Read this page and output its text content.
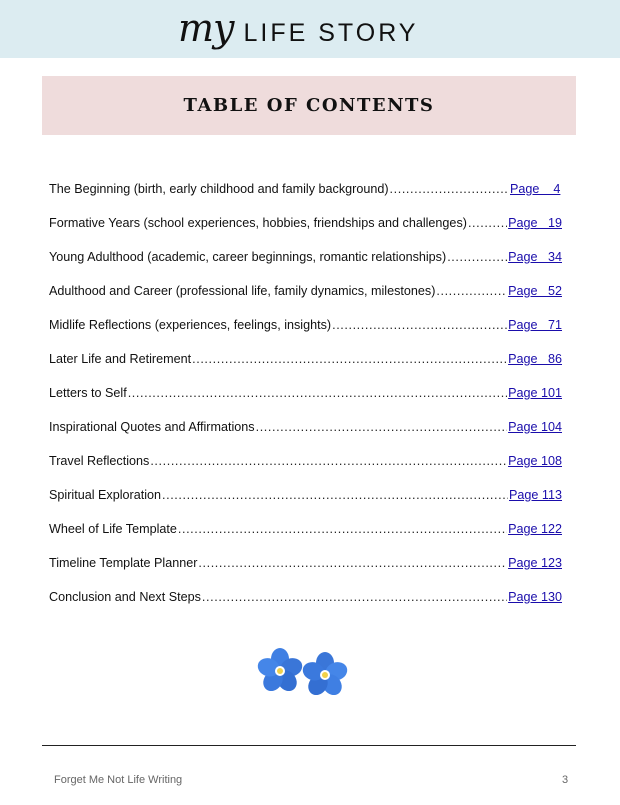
my LIFE STORY
TABLE OF CONTENTS
The Beginning (birth, early childhood and family background) .....	Page    4
Formative Years (school experiences, hobbies, friendships and challenges) .....	Page   19
Young Adulthood (academic, career beginnings, romantic relationships) .....	Page   34
Adulthood and Career (professional life, family dynamics, milestones) .....	Page   52
Midlife Reflections (experiences, feelings, insights) .....	Page   71
Later Life and Retirement .....	Page   86
Letters to Self .....	Page 101
Inspirational Quotes and Affirmations .....	Page 104
Travel Reflections .....	Page 108
Spiritual Exploration .....	Page 113
Wheel of Life Template .....	Page 122
Timeline Template Planner .....	Page 123
Conclusion and Next Steps .....	Page 130
Forget Me Not Life Writing	3
